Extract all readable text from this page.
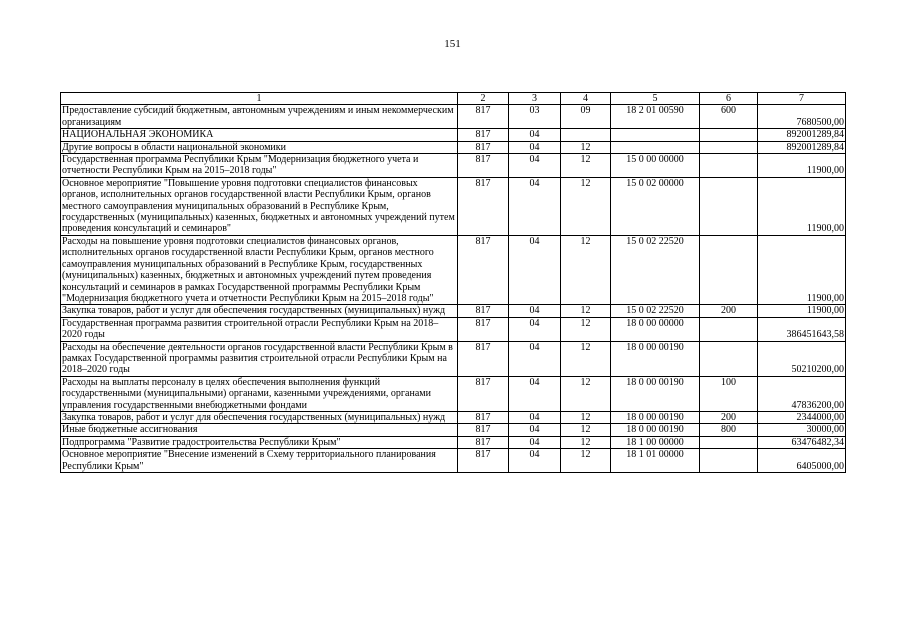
151
1	2	3	4	5	6	7
Предоставление субсидий бюджетным, автономным учреждениям и иным некоммерческим организациям	817	03	09	18 2 01 00590	600	7680500,00
НАЦИОНАЛЬНАЯ ЭКОНОМИКА	817	04				892001289,84
Другие вопросы в области национальной экономики	817	04	12			892001289,84
Государственная программа Республики Крым "Модернизация бюджетного учета и отчетности Республики Крым на 2015–2018 годы"	817	04	12	15 0 00 00000		11900,00
Основное мероприятие "Повышение уровня подготовки специалистов финансовых органов, исполнительных органов государственной власти Республики Крым, органов местного самоуправления муниципальных образований в Республике Крым, государственных (муниципальных) казенных, бюджетных и автономных учреждений путем проведения консультаций и семинаров"	817	04	12	15 0 02 00000		11900,00
Расходы на повышение уровня подготовки специалистов финансовых органов, исполнительных органов государственной власти Республики Крым, органов местного самоуправления муниципальных образований в Республике Крым, государственных (муниципальных) казенных, бюджетных и автономных учреждений путем проведения консультаций и семинаров в рамках Государственной программы Республики Крым "Модернизация бюджетного учета и отчетности Республики Крым на 2015–2018 годы"	817	04	12	15 0 02 22520		11900,00
Закупка товаров, работ и услуг для обеспечения государственных (муниципальных) нужд	817	04	12	15 0 02 22520	200	11900,00
Государственная программа развития строительной отрасли Республики Крым на 2018–2020 годы	817	04	12	18 0 00 00000		386451643,58
Расходы на обеспечение деятельности органов государственной власти Республики Крым в рамках Государственной программы развития строительной отрасли Республики Крым на 2018–2020 годы	817	04	12	18 0 00 00190		50210200,00
Расходы на выплаты персоналу в целях обеспечения выполнения функций государственными (муниципальными) органами, казенными учреждениями, органами управления государственными внебюджетными фондами	817	04	12	18 0 00 00190	100	47836200,00
Закупка товаров, работ и услуг для обеспечения государственных (муниципальных) нужд	817	04	12	18 0 00 00190	200	2344000,00
Иные бюджетные ассигнования	817	04	12	18 0 00 00190	800	30000,00
Подпрограмма "Развитие градостроительства Республики Крым"	817	04	12	18 1 00 00000		63476482,34
Основное мероприятие "Внесение изменений в Схему территориального планирования Республики Крым"	817	04	12	18 1 01 00000		6405000,00
